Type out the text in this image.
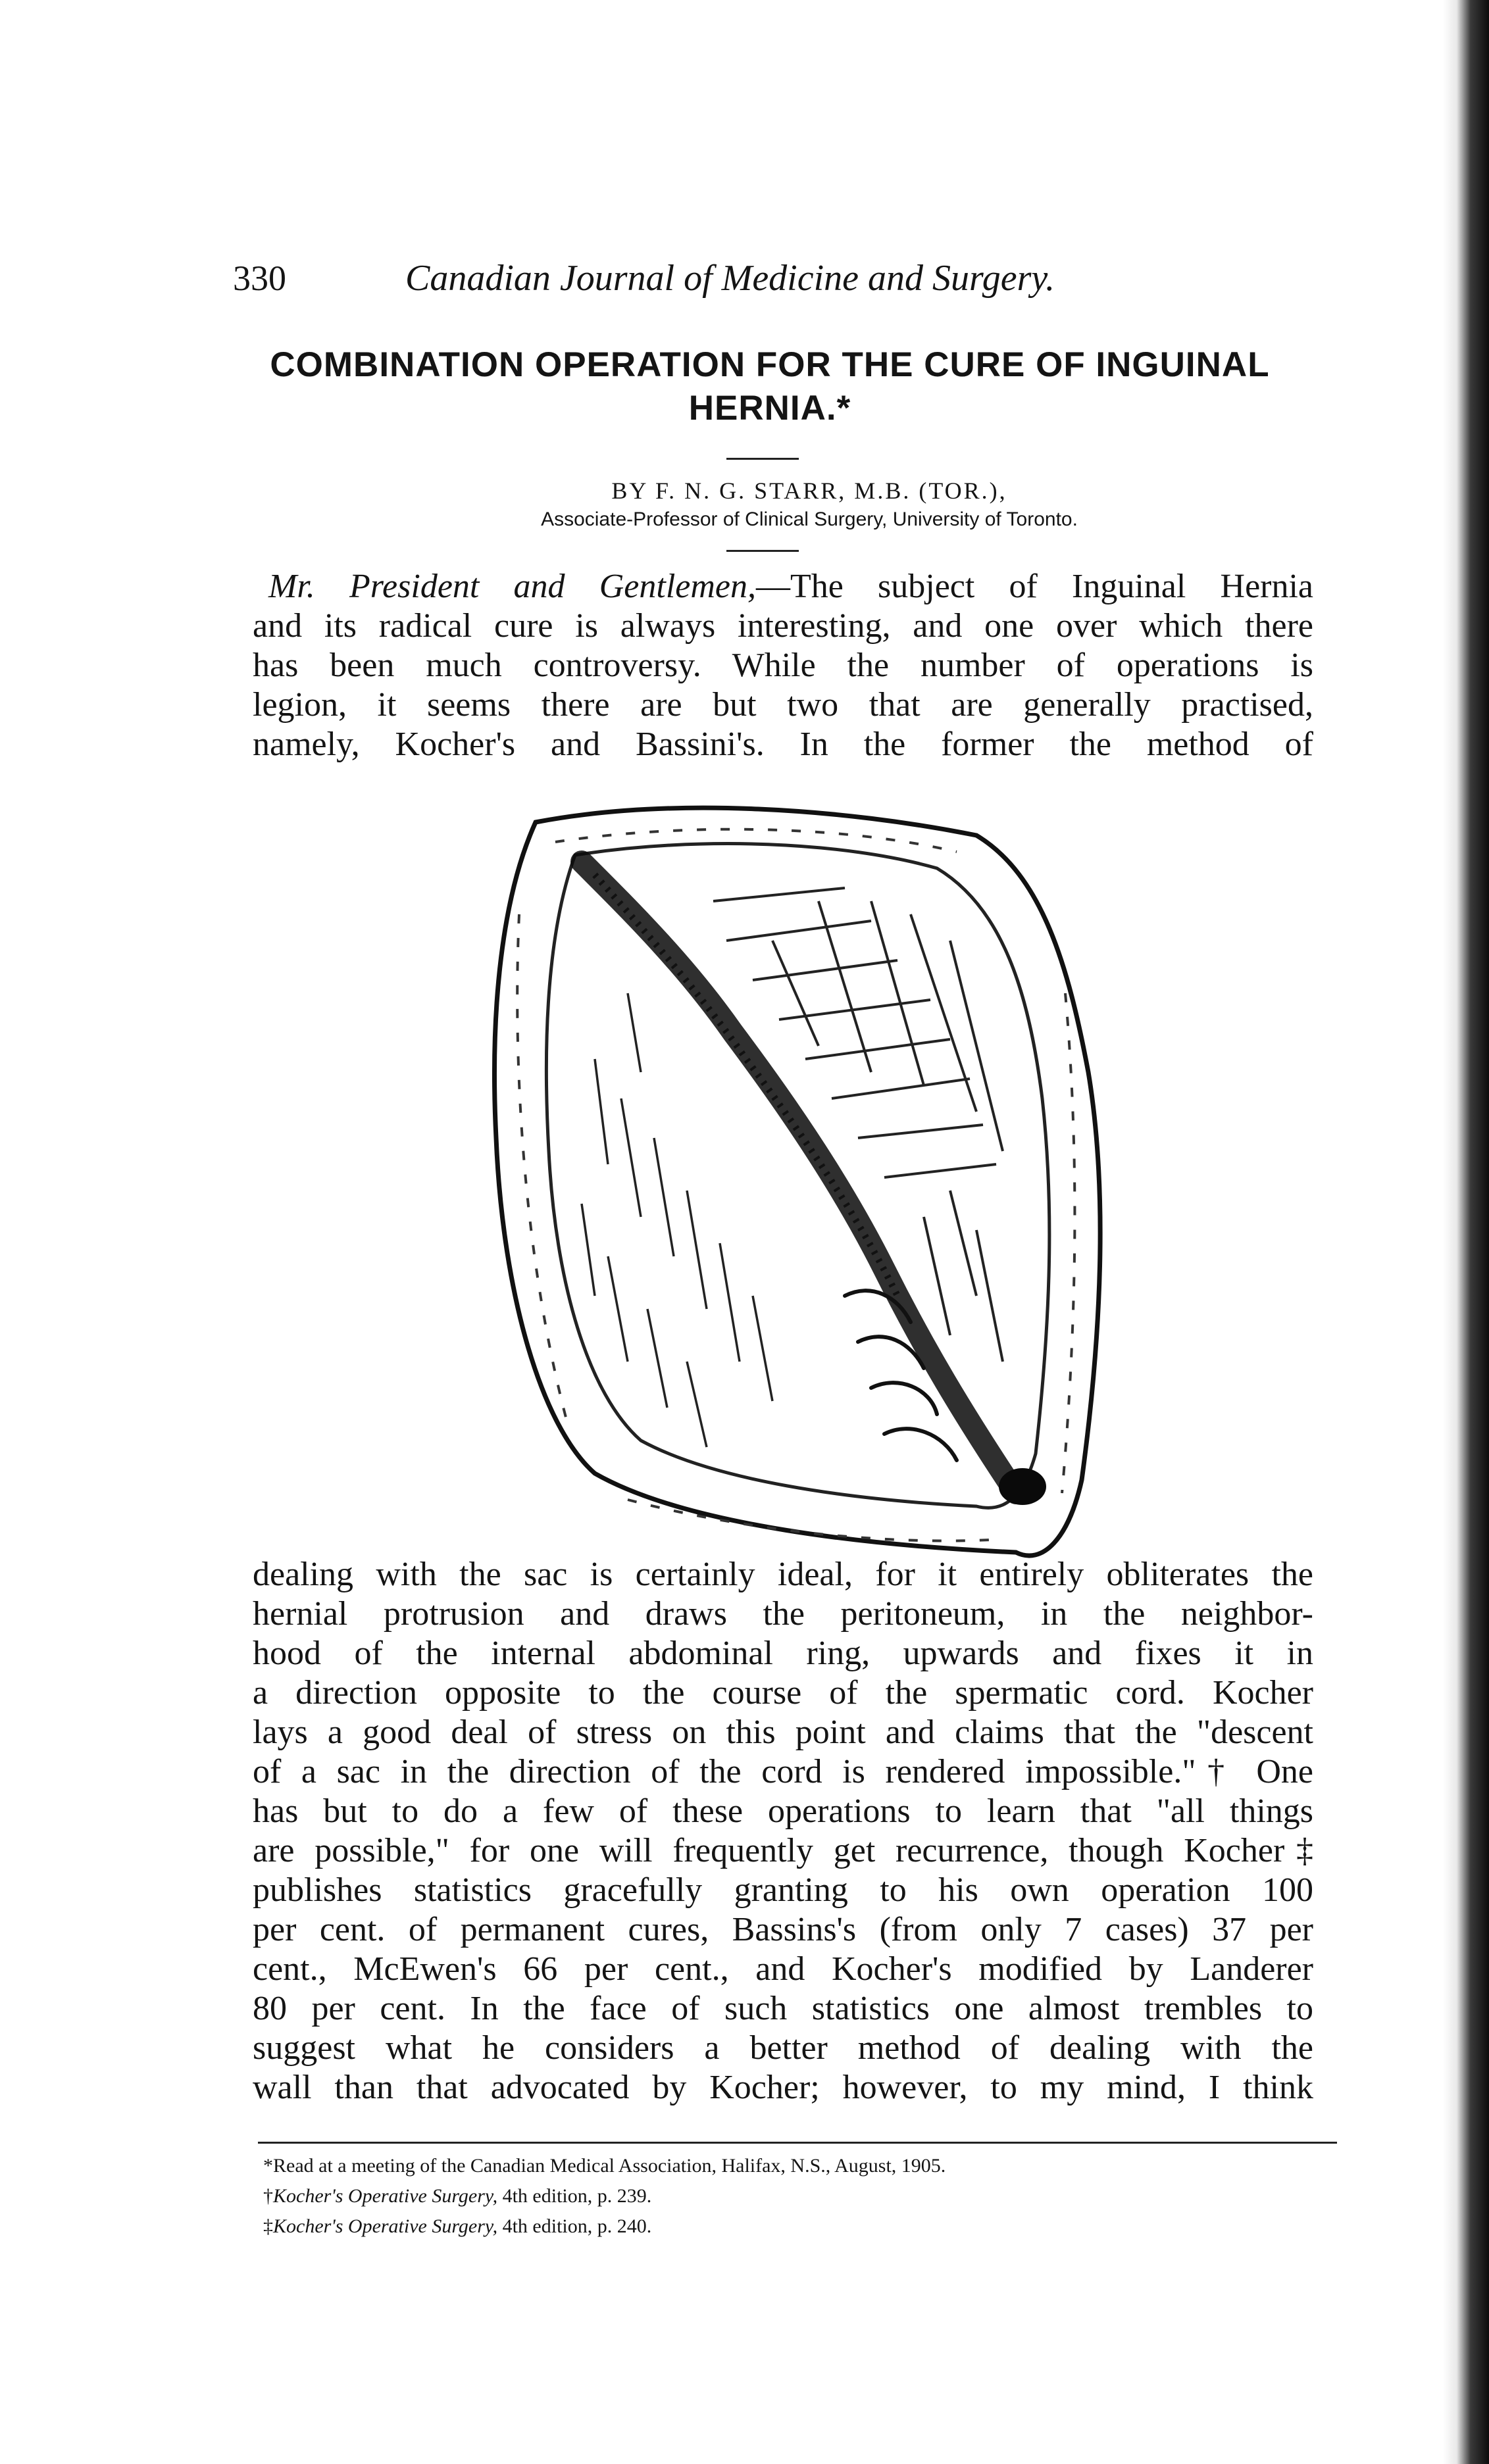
330	Canadian Journal of Medicine and Surgery.
COMBINATION OPERATION FOR THE CURE OF INGUINAL
HERNIA.*
BY F. N. G. STARR, M.B. (TOR.),
Associate-Professor of Clinical Surgery, University of Toronto.
Mr. President and Gentlemen,—The subject of Inguinal Hernia
and its radical cure is always interesting, and one over which there
has been much controversy. While the number of operations is
legion, it seems there are but two that are generally practised,
namely, Kocher's and Bassini's. In the former the method of
dealing with the sac is certainly ideal, for it entirely obliterates the
hernial protrusion and draws the peritoneum, in the neighbor-
hood of the internal abdominal ring, upwards and fixes it in
a direction opposite to the course of the spermatic cord. Kocher
lays a good deal of stress on this point and claims that the "descent
of a sac in the direction of the cord is rendered impossible."† One
has but to do a few of these operations to learn that "all things
are possible," for one will frequently get recurrence, though Kocher‡
publishes statistics gracefully granting to his own operation 100
per cent. of permanent cures, Bassins's (from only 7 cases) 37 per
cent., McEwen's 66 per cent., and Kocher's modified by Landerer
80 per cent. In the face of such statistics one almost trembles to
suggest what he considers a better method of dealing with the
wall than that advocated by Kocher; however, to my mind, I think
*Read at a meeting of the Canadian Medical Association, Halifax, N.S., August, 1905.
†Kocher's Operative Surgery, 4th edition, p. 239.
‡Kocher's Operative Surgery, 4th edition, p. 240.
